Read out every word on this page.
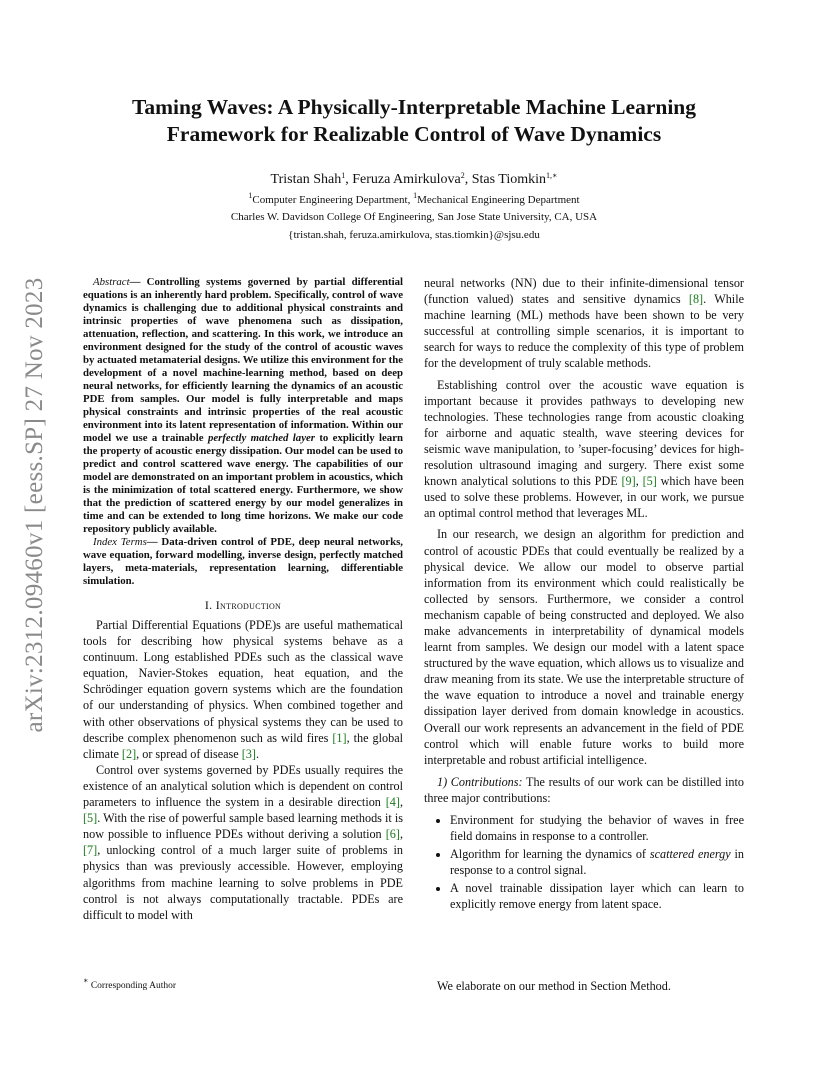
arXiv:2312.09460v1 [eess.SP] 27 Nov 2023
Taming Waves: A Physically-Interpretable Machine Learning
Framework for Realizable Control of Wave Dynamics
Tristan Shah$^1$, Feruza Amirkulova$^2$, Stas Tiomkin$^{1,∗}$
$^1$Computer Engineering Department, $^1$Mechanical Engineering Department
Charles W. Davidson College Of Engineering, San Jose State University, CA, USA
{tristan.shah, feruza.amirkulova, stas.tiomkin}@sjsu.edu

Abstract— Controlling systems governed by partial differential equations is an inherently hard problem. Specifically, control of wave dynamics is challenging due to additional physical constraints and intrinsic properties of wave phenomena such as dissipation, attenuation, reflection, and scattering. In this work, we introduce an environment designed for the study of the control of acoustic waves by actuated metamaterial designs. We utilize this environment for the development of a novel machine-learning method, based on deep neural networks, for efficiently learning the dynamics of an acoustic PDE from samples. Our model is fully interpretable and maps physical constraints and intrinsic properties of the real acoustic environment into its latent representation of information. Within our model we use a trainable perfectly matched layer to explicitly learn the property of acoustic energy dissipation. Our model can be used to predict and control scattered wave energy. The capabilities of our model are demonstrated on an important problem in acoustics, which is the minimization of total scattered energy. Furthermore, we show that the prediction of scattered energy by our model generalizes in time and can be extended to long time horizons. We make our code repository publicly available.

Index Terms— Data-driven control of PDE, deep neural networks, wave equation, forward modelling, inverse design, perfectly matched layers, meta-materials, representation learning, differentiable simulation.

I. Introduction

Partial Differential Equations (PDE)s are useful mathematical tools for describing how physical systems behave as a continuum. Long established PDEs such as the classical wave equation, Navier-Stokes equation, heat equation, and the Schrödinger equation govern systems which are the foundation of our understanding of physics. When combined together and with other observations of physical systems they can be used to describe complex phenomenon such as wild fires [1], the global climate [2], or spread of disease [3].

Control over systems governed by PDEs usually requires the existence of an analytical solution which is dependent on control parameters to influence the system in a desirable direction [4], [5]. With the rise of powerful sample based learning methods it is now possible to influence PDEs without deriving a solution [6], [7], unlocking control of a much larger suite of problems in physics than was previously accessible. However, employing algorithms from machine learning to solve problems in PDE control is not always computationally tractable. PDEs are difficult to model with

neural networks (NN) due to their infinite-dimensional tensor (function valued) states and sensitive dynamics [8]. While machine learning (ML) methods have been shown to be very successful at controlling simple scenarios, it is important to search for ways to reduce the complexity of this type of problem for the development of truly scalable methods.

Establishing control over the acoustic wave equation is important because it provides pathways to developing new technologies. These technologies range from acoustic cloaking for airborne and aquatic stealth, wave steering devices for seismic wave manipulation, to ’super-focusing’ devices for high-resolution ultrasound imaging and surgery. There exist some known analytical solutions to this PDE [9], [5] which have been used to solve these problems. However, in our work, we pursue an optimal control method that leverages ML.

In our research, we design an algorithm for prediction and control of acoustic PDEs that could eventually be realized by a physical device. We allow our model to observe partial information from its environment which could realistically be collected by sensors. Furthermore, we consider a control mechanism capable of being constructed and deployed. We also make advancements in interpretability of dynamical models learnt from samples. We design our model with a latent space structured by the wave equation, which allows us to visualize and draw meaning from its state. We use the interpretable structure of the wave equation to introduce a novel and trainable energy dissipation layer derived from domain knowledge in acoustics. Overall our work represents an advancement in the field of PDE control which will enable future works to build more interpretable and robust artificial intelligence.

1) Contributions: The results of our work can be distilled into three major contributions:

• Environment for studying the behavior of waves in free field domains in response to a controller.
• Algorithm for learning the dynamics of scattered energy in response to a control signal.
• A novel trainable dissipation layer which can learn to explicitly remove energy from latent space.
We elaborate on our method in Section Method.
∗ Corresponding Author
